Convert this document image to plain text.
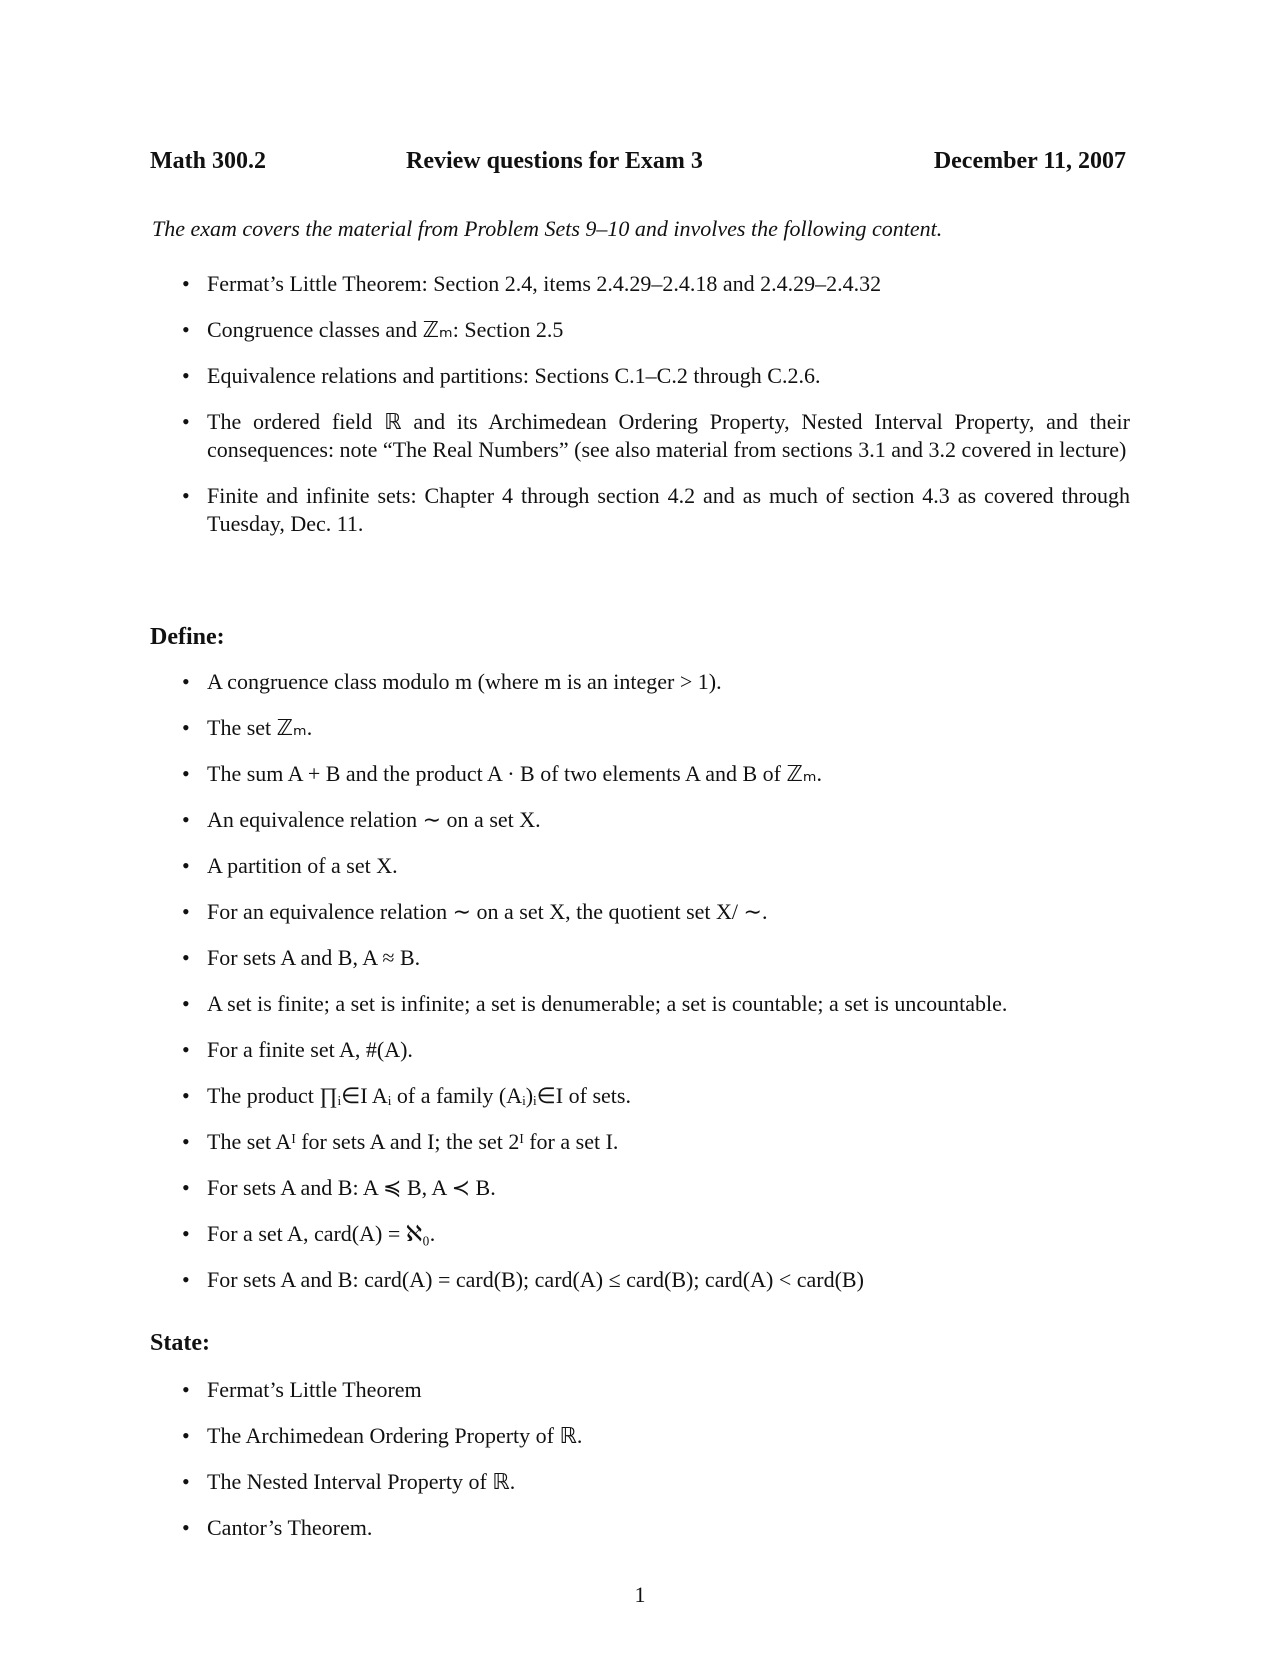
Math 300.2	Review questions for Exam 3	December 11, 2007
The exam covers the material from Problem Sets 9–10 and involves the following content.
• Fermat’s Little Theorem: Section 2.4, items 2.4.29–2.4.18 and 2.4.29–2.4.32
• Congruence classes and ℤₘ: Section 2.5
• Equivalence relations and partitions: Sections C.1–C.2 through C.2.6.
• The ordered field ℝ and its Archimedean Ordering Property, Nested Interval Property, and their consequences: note “The Real Numbers” (see also material from sections 3.1 and 3.2 covered in lecture)
• Finite and infinite sets: Chapter 4 through section 4.2 and as much of section 4.3 as covered through Tuesday, Dec. 11.
Define:
• A congruence class modulo m (where m is an integer > 1).
• The set ℤₘ.
• The sum A + B and the product A · B of two elements A and B of ℤₘ.
• An equivalence relation ∼ on a set X.
• A partition of a set X.
• For an equivalence relation ∼ on a set X, the quotient set X/ ∼.
• For sets A and B, A ≈ B.
• A set is finite; a set is infinite; a set is denumerable; a set is countable; a set is uncountable.
• For a finite set A, #(A).
• The product ∏ᵢ∈I Aᵢ of a family (Aᵢ)ᵢ∈I of sets.
• The set Aᴵ for sets A and I; the set 2ᴵ for a set I.
• For sets A and B: A ≼ B, A ≺ B.
• For a set A, card(A) = ℵ₀.
• For sets A and B: card(A) = card(B); card(A) ≤ card(B); card(A) < card(B)
State:
• Fermat’s Little Theorem
• The Archimedean Ordering Property of ℝ.
• The Nested Interval Property of ℝ.
• Cantor’s Theorem.
1
